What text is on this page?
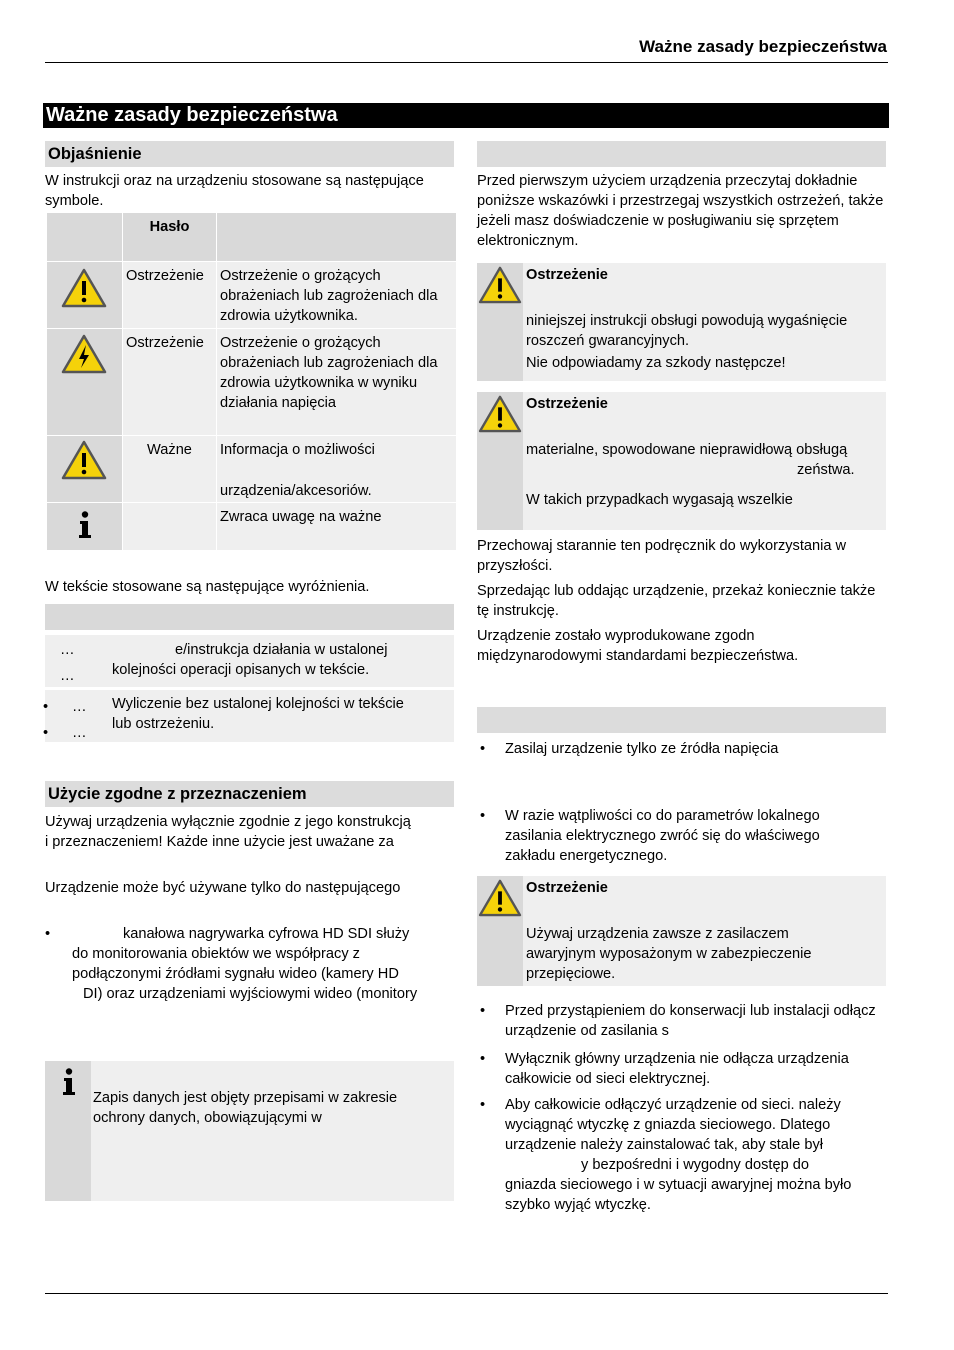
Ważne zasady bezpieczeństwa
Ważne zasady bezpieczeństwa
Objaśnienie

W instrukcji oraz na urządzeniu stosowane są następujące symbole.

Hasło
Ostrzeżenie	Ostrzeżenie o grożących obrażeniach lub zagrożeniach dla zdrowia użytkownika.
Ostrzeżenie	Ostrzeżenie o grożących obrażeniach lub zagrożeniach dla zdrowia użytkownika w wyniku działania napięcia
Ważne	Informacja o możliwości
urządzenia/akcesoriów.
Zwraca uwagę na ważne

W tekście stosowane są następujące wyróżnienia.

…
…
e/instrukcja działania w ustalonej
kolejności operacji opisanych w tekście.
•
•
…
…
Wyliczenie bez ustalonej kolejności w tekście
lub ostrzeżeniu.
Użycie zgodne z przeznaczeniem
Używaj urządzenia wyłącznie zgodnie z jego konstrukcją
i przeznaczeniem! Każde inne użycie jest uważane za
Urządzenie może być używane tylko do następującego
•	kanałowa nagrywarka cyfrowa HD SDI służy
do monitorowania obiektów we współpracy z
podłączonymi źródłami sygnału wideo (kamery HD
DI) oraz urządzeniami wyjściowymi wideo (monitory
Zapis danych jest objęty przepisami w zakresie
ochrony danych, obowiązującymi w

Przed pierwszym użyciem urządzenia przeczytaj dokładnie poniższe wskazówki i przestrzegaj wszystkich ostrzeżeń, także jeżeli masz doświadczenie w posługiwaniu się sprzętem elektronicznym.

Ostrzeżenie
niniejszej instrukcji obsługi powodują wygaśnięcie
roszczeń gwarancyjnych.
Nie odpowiadamy za szkody następcze!
Ostrzeżenie
materialne, spowodowane nieprawidłową obsługą
zeństwa.
W takich przypadkach wygasają wszelkie

Przechowaj starannie ten podręcznik do wykorzystania w przyszłości.

Sprzedając lub oddając urządzenie, przekaż koniecznie także tę instrukcję.

Urządzenie zostało wyprodukowane zgodn
międzynarodowymi standardami bezpieczeństwa.
• Zasilaj urządzenie tylko ze źródła napięcia
• W razie wątpliwości co do parametrów lokalnego zasilania elektrycznego zwróć się do właściwego zakładu energetycznego.
Ostrzeżenie
Używaj urządzenia zawsze z zasilaczem
awaryjnym wyposażonym w zabezpieczenie
przepięciowe.
• Przed przystąpieniem do konserwacji lub instalacji odłącz urządzenie od zasilania s
• Wyłącznik główny urządzenia nie odłącza urządzenia całkowicie od sieci elektrycznej.
•	Aby całkowicie odłączyć urządzenie od sieci. należy
wyciągnąć wtyczkę z gniazda sieciowego. Dlatego
urządzenie należy zainstalować tak, aby stale był
y bezpośredni i wygodny dostęp do
gniazda sieciowego i w sytuacji awaryjnej można było
szybko wyjąć wtyczkę.
